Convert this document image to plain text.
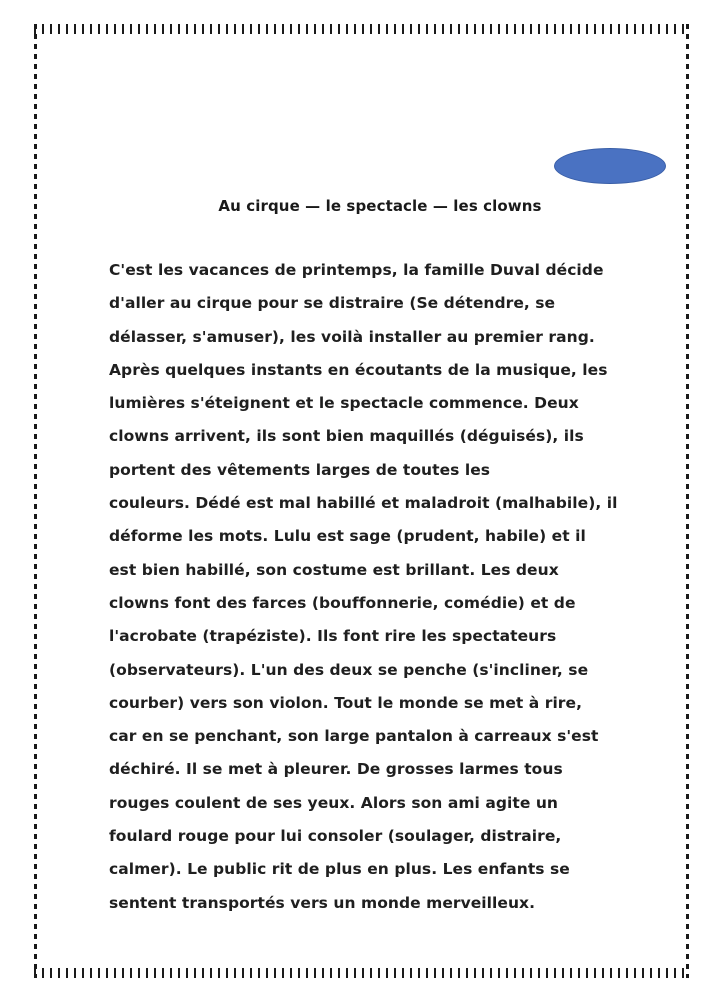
Au cirque — le spectacle — les clowns
C'est les vacances de printemps, la famille Duval décide
d'aller au cirque pour se distraire (Se détendre, se
délasser, s'amuser), les voilà installer au premier rang.
Après quelques instants en écoutants de la musique, les
lumières s'éteignent et le spectacle commence. Deux
clowns arrivent, ils sont bien maquillés (déguisés), ils
portent des vêtements larges de toutes les
couleurs. Dédé est mal habillé et maladroit (malhabile), il
déforme les mots. Lulu est sage (prudent, habile) et il
est bien habillé, son costume est brillant. Les deux
clowns font des farces (bouffonnerie, comédie) et de
l'acrobate (trapéziste). Ils font rire les spectateurs
(observateurs). L'un des deux se penche (s'incliner, se
courber) vers son violon. Tout le monde se met à rire,
car en se penchant, son large pantalon à carreaux s'est
déchiré. Il se met à pleurer. De grosses larmes tous
rouges coulent de ses yeux. Alors son ami agite un
foulard rouge pour lui consoler (soulager, distraire,
calmer). Le public rit de plus en plus. Les enfants se
sentent transportés vers un monde merveilleux.
